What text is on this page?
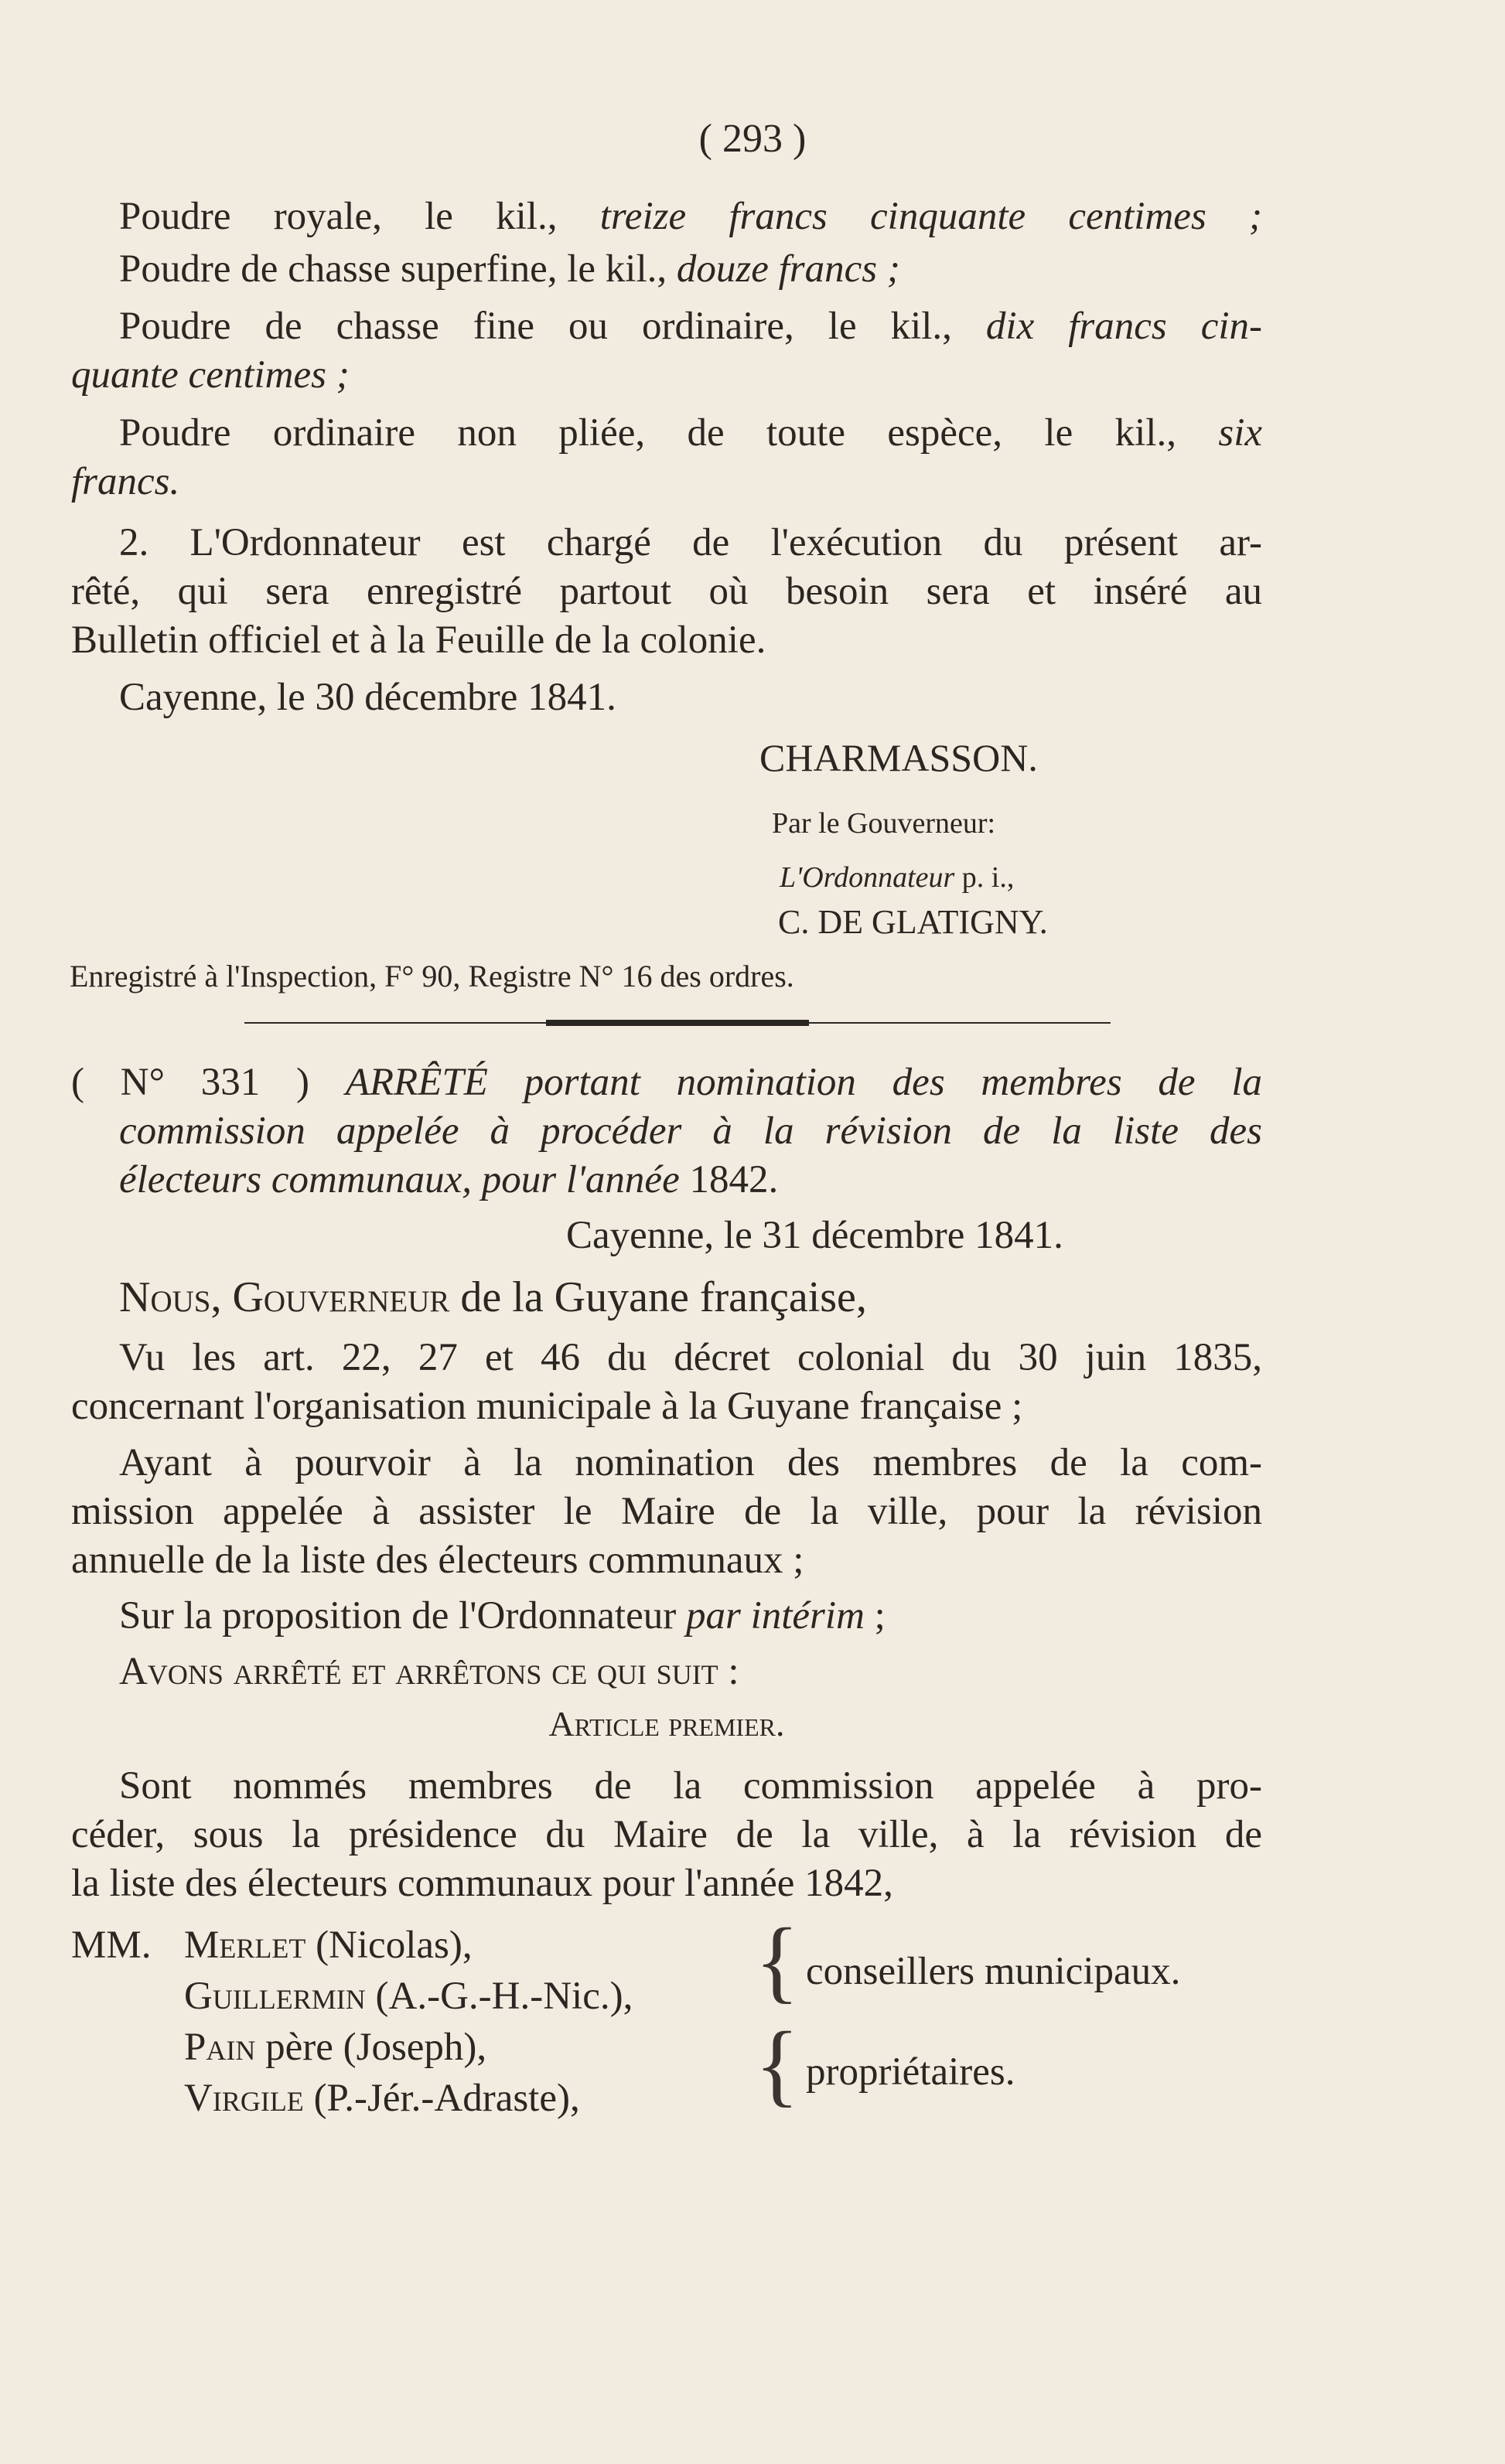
( 293 )
Poudre royale, le kil., treize francs cinquante centimes ;
Poudre de chasse superfine, le kil., douze francs ;
Poudre de chasse fine ou ordinaire, le kil., dix francs cin-
quante centimes ;
Poudre ordinaire non pliée, de toute espèce, le kil., six
francs.
2. L'Ordonnateur est chargé de l'exécution du présent ar-
rêté, qui sera enregistré partout où besoin sera et inséré au
Bulletin officiel et à la Feuille de la colonie.
Cayenne, le 30 décembre 1841.
CHARMASSON.
Par le Gouverneur:
L'Ordonnateur p. i.,
C. DE GLATIGNY.
Enregistré à l'Inspection, F° 90, Registre N° 16 des ordres.
( N° 331 ) ARRÊTÉ portant nomination des membres de la
commission appelée à procéder à la révision de la liste des
électeurs communaux, pour l'année 1842.
Cayenne, le 31 décembre 1841.
Nous, Gouverneur de la Guyane française,
Vu les art. 22, 27 et 46 du décret colonial du 30 juin 1835,
concernant l'organisation municipale à la Guyane française ;
Ayant à pourvoir à la nomination des membres de la com-
mission appelée à assister le Maire de la ville, pour la révision
annuelle de la liste des électeurs communaux ;
Sur la proposition de l'Ordonnateur par intérim ;
Avons arrêté et arrêtons ce qui suit :
Article premier.
Sont nommés membres de la commission appelée à pro-
céder, sous la présidence du Maire de la ville, à la révision de
la liste des électeurs communaux pour l'année 1842,
MM. Merlet (Nicolas),
Guillermin (A.-G.-H.-Nic.),	{ conseillers municipaux.
Pain père (Joseph),
Virgile (P.-Jér.-Adraste),	{ propriétaires.
